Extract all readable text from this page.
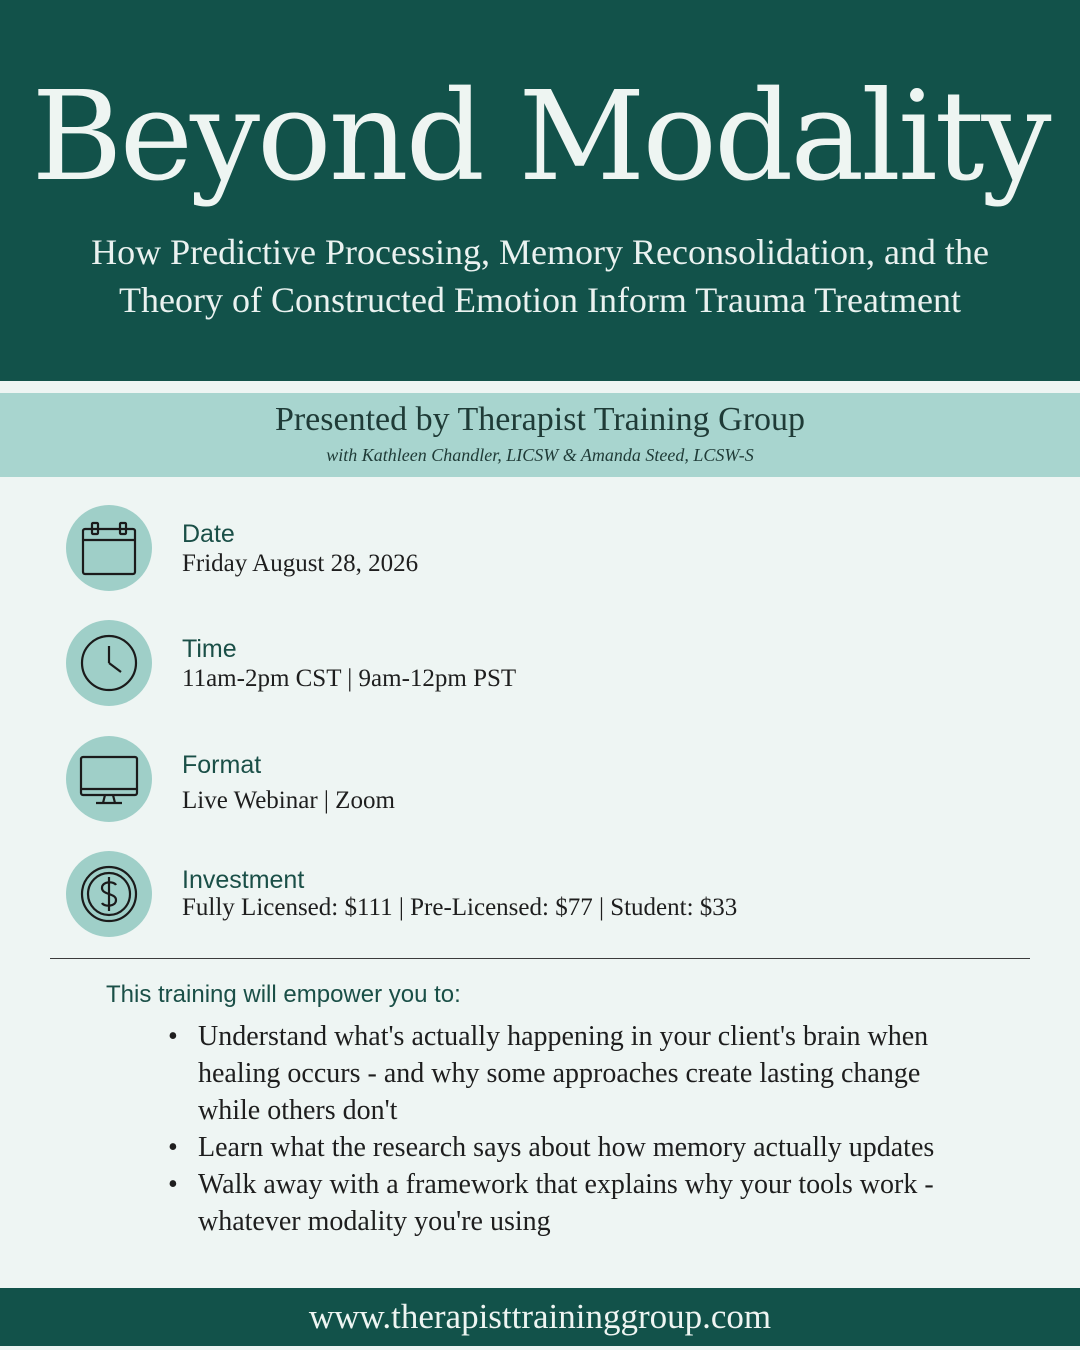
Beyond Modality
How Predictive Processing, Memory Reconsolidation, and the
Theory of Constructed Emotion Inform Trauma Treatment
Presented by Therapist Training Group
with Kathleen Chandler, LICSW & Amanda Steed, LCSW-S
Date
Friday August 28, 2026
Time
11am-2pm CST | 9am-12pm PST
Format
Live Webinar | Zoom
Investment
Fully Licensed: $111 | Pre-Licensed: $77 | Student: $33
This training will empower you to:
• Understand what's actually happening in your client's brain when healing occurs - and why some approaches create lasting change while others don't
• Learn what the research says about how memory actually updates
• Walk away with a framework that explains why your tools work - whatever modality you're using
www.therapisttraininggroup.com
